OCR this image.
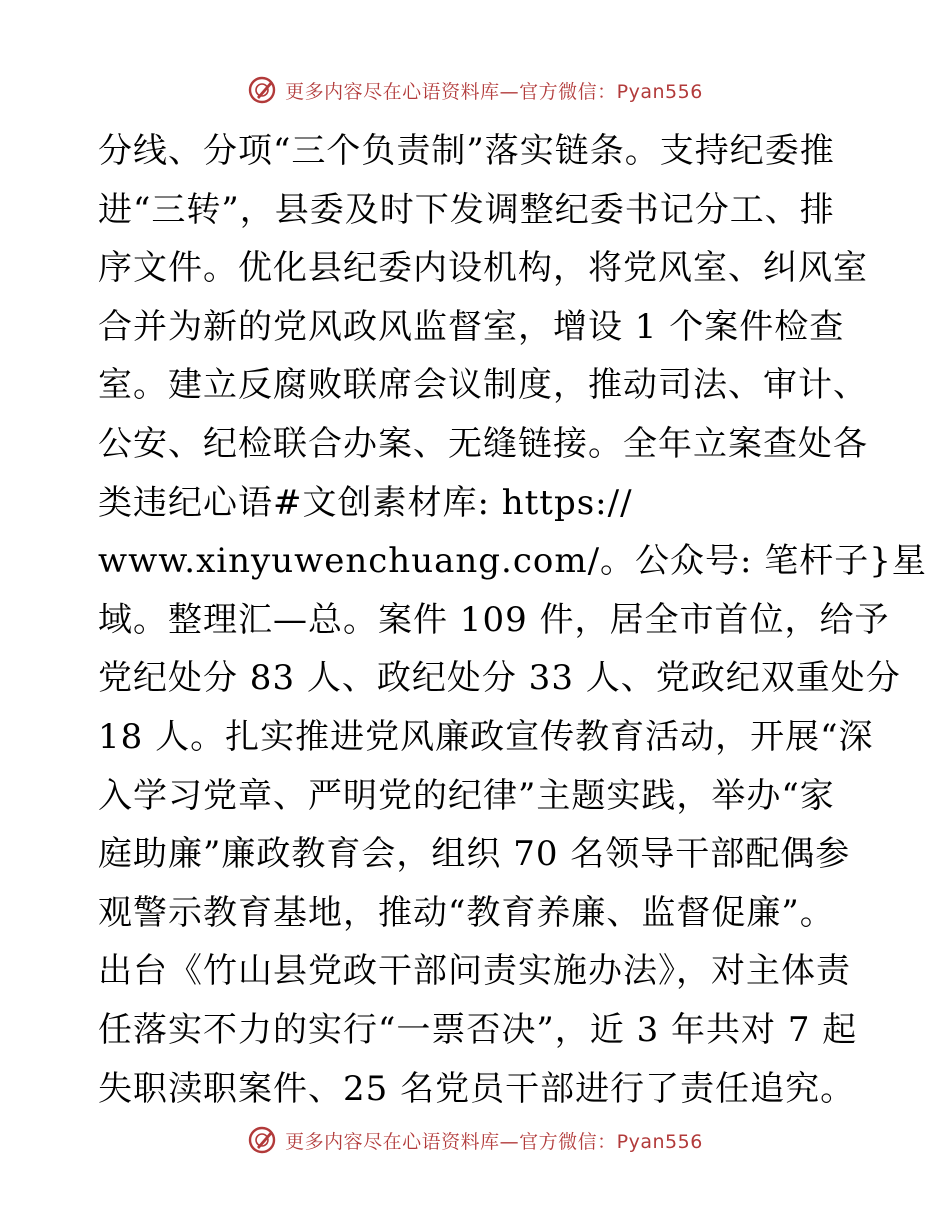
更多内容尽在心语资料库—官方微信：Pyan556
分线、分项“三个负责制”落实链条。支持纪委推
进“三转”，县委及时下发调整纪委书记分工、排
序文件。优化县纪委内设机构，将党风室、纠风室
合并为新的党风政风监督室，增设 1 个案件检查
室。建立反腐败联席会议制度，推动司法、审计、
公安、纪检联合办案、无缝链接。全年立案查处各
类违纪心语#文创素材库: https://
www.xinyuwenchuang.com/。公众号: 笔杆子}星
域。整理汇—总。案件 109 件，居全市首位，给予
党纪处分 83 人、政纪处分 33 人、党政纪双重处分
18 人。扎实推进党风廉政宣传教育活动，开展“深
入学习党章、严明党的纪律”主题实践，举办“家
庭助廉”廉政教育会，组织 70 名领导干部配偶参
观警示教育基地，推动“教育养廉、监督促廉”。
出台《竹山县党政干部问责实施办法》，对主体责
任落实不力的实行“一票否决”，近 3 年共对 7 起
失职渎职案件、25 名党员干部进行了责任追究。
更多内容尽在心语资料库—官方微信：Pyan556
